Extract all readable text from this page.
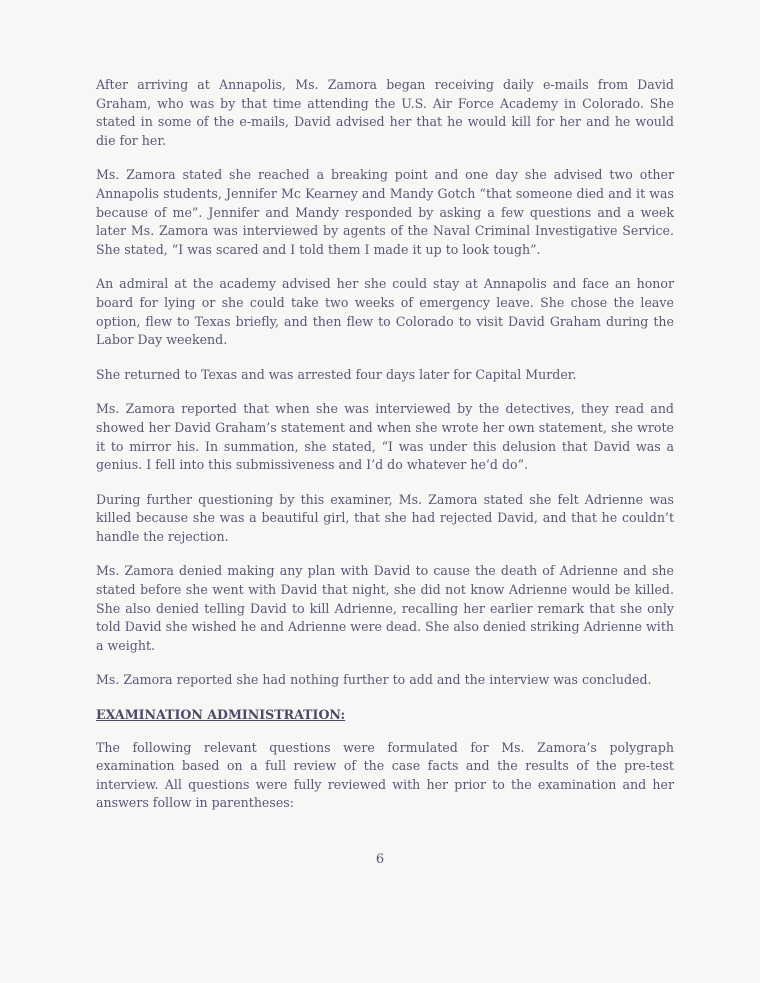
After arriving at Annapolis, Ms. Zamora began receiving daily e-mails from David Graham, who was by that time attending the U.S. Air Force Academy in Colorado. She stated in some of the e-mails, David advised her that he would kill for her and he would die for her.

Ms. Zamora stated she reached a breaking point and one day she advised two other Annapolis students, Jennifer Mc Kearney and Mandy Gotch “that someone died and it was because of me”. Jennifer and Mandy responded by asking a few questions and a week later Ms. Zamora was interviewed by agents of the Naval Criminal Investigative Service. She stated, “I was scared and I told them I made it up to look tough”.

An admiral at the academy advised her she could stay at Annapolis and face an honor board for lying or she could take two weeks of emergency leave. She chose the leave option, flew to Texas briefly, and then flew to Colorado to visit David Graham during the Labor Day weekend.

She returned to Texas and was arrested four days later for Capital Murder.

Ms. Zamora reported that when she was interviewed by the detectives, they read and showed her David Graham’s statement and when she wrote her own statement, she wrote it to mirror his. In summation, she stated, “I was under this delusion that David was a genius. I fell into this submissiveness and I’d do whatever he’d do”.

During further questioning by this examiner, Ms. Zamora stated she felt Adrienne was killed because she was a beautiful girl, that she had rejected David, and that he couldn’t handle the rejection.

Ms. Zamora denied making any plan with David to cause the death of Adrienne and she stated before she went with David that night, she did not know Adrienne would be killed. She also denied telling David to kill Adrienne, recalling her earlier remark that she only told David she wished he and Adrienne were dead. She also denied striking Adrienne with a weight.

Ms. Zamora reported she had nothing further to add and the interview was concluded.

EXAMINATION ADMINISTRATION:

The following relevant questions were formulated for Ms. Zamora’s polygraph examination based on a full review of the case facts and the results of the pre-test interview. All questions were fully reviewed with her prior to the examination and her answers follow in parentheses:

6
